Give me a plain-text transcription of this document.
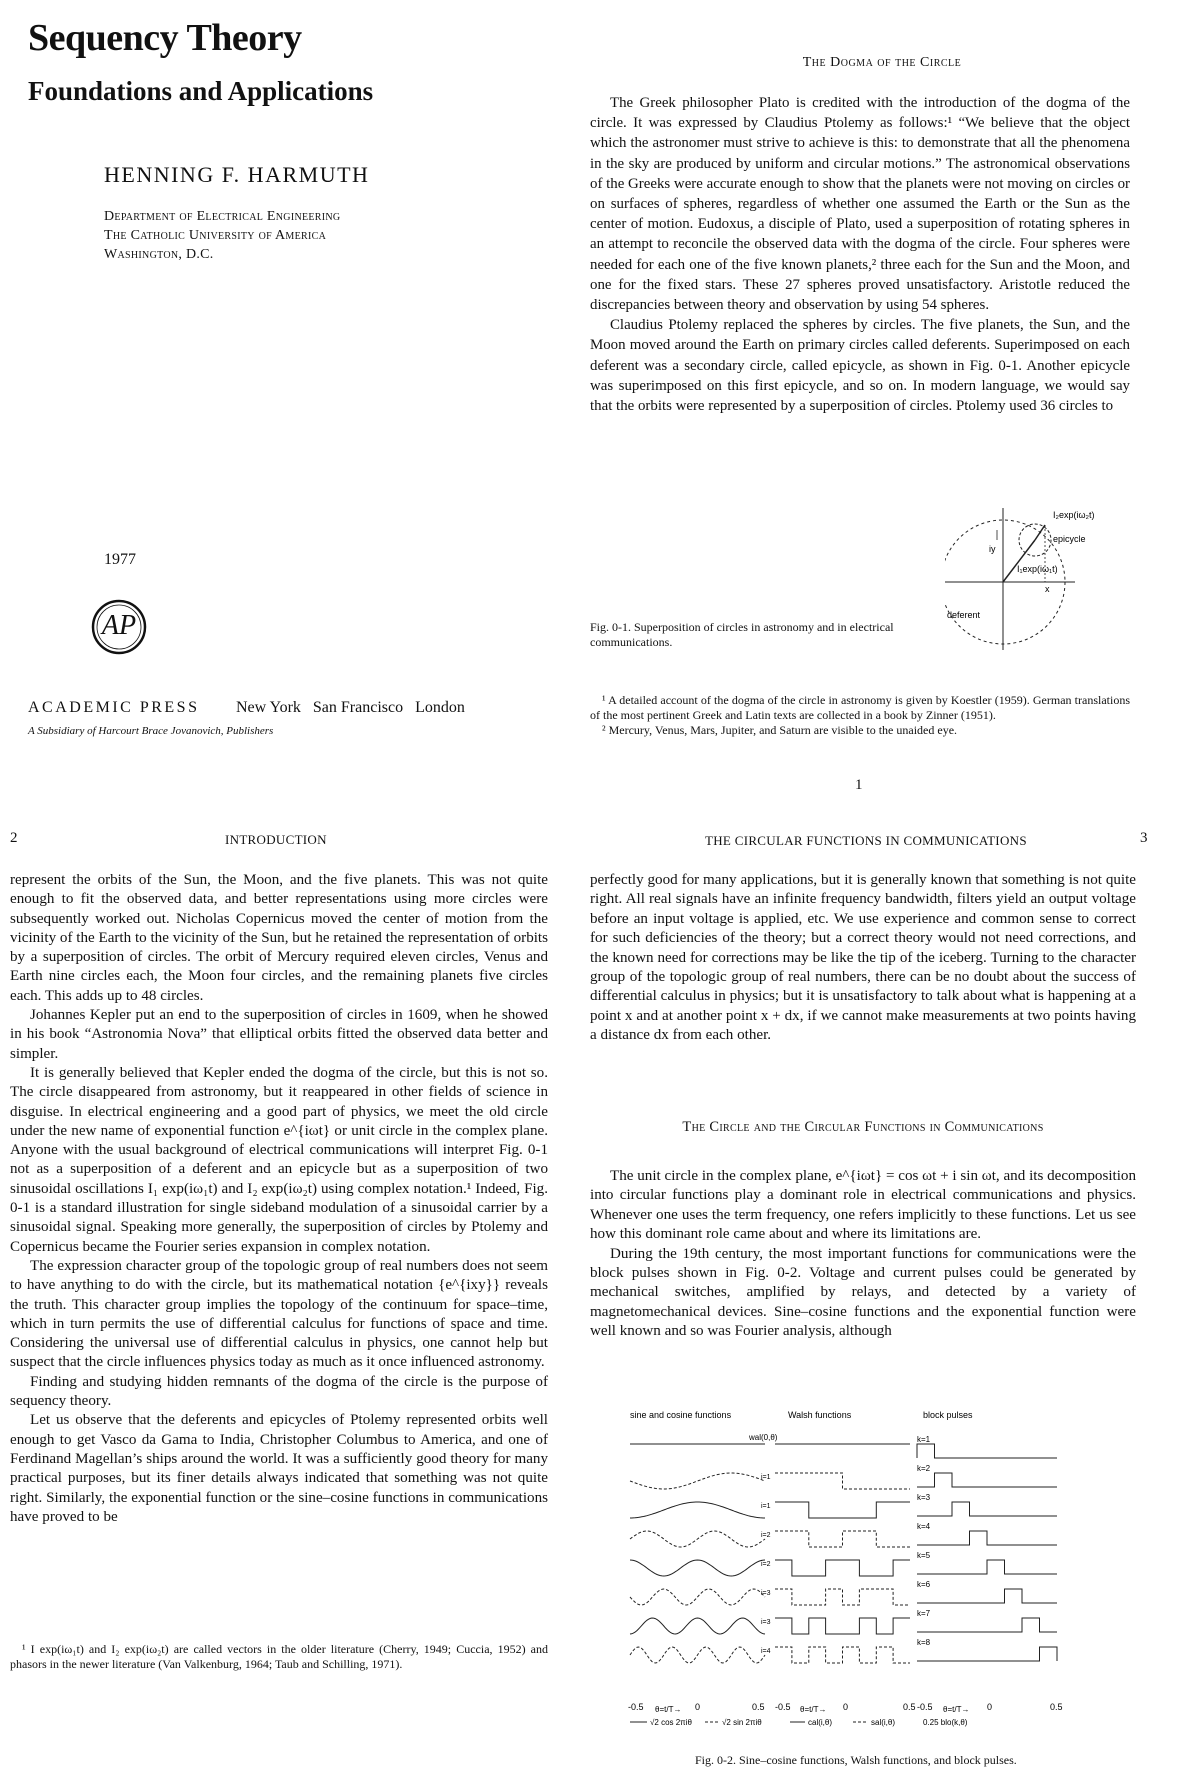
Sequency Theory
Foundations and Applications
HENNING F. HARMUTH
Department of Electrical Engineering
The Catholic University of America
Washington, D.C.
1977
AP
ACADEMIC PRESS New York   San Francisco   London
A Subsidiary of Harcourt Brace Jovanovich, Publishers
The Dogma of the Circle

The Greek philosopher Plato is credited with the introduction of the dogma of the circle. It was expressed by Claudius Ptolemy as follows:¹ “We believe that the object which the astronomer must strive to achieve is this: to demonstrate that all the phenomena in the sky are produced by uniform and circular motions.” The astronomical observations of the Greeks were accurate enough to show that the planets were not moving on circles or on surfaces of spheres, regardless of whether one assumed the Earth or the Sun as the center of motion. Eudoxus, a disciple of Plato, used a superposition of rotating spheres in an attempt to reconcile the observed data with the dogma of the circle. Four spheres were needed for each one of the five known planets,² three each for the Sun and the Moon, and one for the fixed stars. These 27 spheres proved unsatisfactory. Aristotle reduced the discrepancies between theory and observation by using 54 spheres.

Claudius Ptolemy replaced the spheres by circles. The five planets, the Sun, and the Moon moved around the Earth on primary circles called deferents. Superimposed on each deferent was a secondary circle, called epicycle, as shown in Fig. 0-1. Another epicycle was superimposed on this first epicycle, and so on. In modern language, we would say that the orbits were represented by a superposition of circles. Ptolemy used 36 circles to

I₂exp(iω₂t)
epicycle
I₁exp(iω₁t)
iy
x
deferent
Fig. 0-1. Superposition of circles in astronomy and in electrical communications.

¹ A detailed account of the dogma of the circle in astronomy is given by Koestler (1959). German translations of the most pertinent Greek and Latin texts are collected in a book by Zinner (1951).

² Mercury, Venus, Mars, Jupiter, and Saturn are visible to the unaided eye.

1
2	INTRODUCTION

represent the orbits of the Sun, the Moon, and the five planets. This was not quite enough to fit the observed data, and better representations using more circles were subsequently worked out. Nicholas Copernicus moved the center of motion from the vicinity of the Earth to the vicinity of the Sun, but he retained the representation of orbits by a superposition of circles. The orbit of Mercury required eleven circles, Venus and Earth nine circles each, the Moon four circles, and the remaining planets five circles each. This adds up to 48 circles.

Johannes Kepler put an end to the superposition of circles in 1609, when he showed in his book “Astronomia Nova” that elliptical orbits fitted the observed data better and simpler.

It is generally believed that Kepler ended the dogma of the circle, but this is not so. The circle disappeared from astronomy, but it reappeared in other fields of science in disguise. In electrical engineering and a good part of physics, we meet the old circle under the new name of exponential function e^{iωt} or unit circle in the complex plane. Anyone with the usual background of electrical communications will interpret Fig. 0-1 not as a superposition of a deferent and an epicycle but as a superposition of two sinusoidal oscillations I₁ exp(iω₁t) and I₂ exp(iω₂t) using complex notation.¹ Indeed, Fig. 0-1 is a standard illustration for single sideband modulation of a sinusoidal carrier by a sinusoidal signal. Speaking more generally, the superposition of circles by Ptolemy and Copernicus became the Fourier series expansion in complex notation.

The expression character group of the topologic group of real numbers does not seem to have anything to do with the circle, but its mathematical notation {e^{ixy}} reveals the truth. This character group implies the topology of the continuum for space–time, which in turn permits the use of differential calculus for functions of space and time. Considering the universal use of differential calculus in physics, one cannot help but suspect that the circle influences physics today as much as it once influenced astronomy.

Finding and studying hidden remnants of the dogma of the circle is the purpose of sequency theory.

Let us observe that the deferents and epicycles of Ptolemy represented orbits well enough to get Vasco da Gama to India, Christopher Columbus to America, and one of Ferdinand Magellan’s ships around the world. It was a sufficiently good theory for many practical purposes, but its finer details always indicated that something was not quite right. Similarly, the exponential function or the sine–cosine functions in communications have proved to be

¹ I exp(iω₁t) and I₂ exp(iω₂t) are called vectors in the older literature (Cherry, 1949; Cuccia, 1952) and phasors in the newer literature (Van Valkenburg, 1964; Taub and Schilling, 1971).

THE CIRCULAR FUNCTIONS IN COMMUNICATIONS	3

perfectly good for many applications, but it is generally known that something is not quite right. All real signals have an infinite frequency bandwidth, filters yield an output voltage before an input voltage is applied, etc. We use experience and common sense to correct for such deficiencies of the theory; but a correct theory would not need corrections, and the known need for corrections may be like the tip of the iceberg. Turning to the character group of the topologic group of real numbers, there can be no doubt about the success of differential calculus in physics; but it is unsatisfactory to talk about what is happening at a point x and at another point x + dx, if we cannot make measurements at two points having a distance dx from each other.

The Circle and the Circular Functions in Communications

The unit circle in the complex plane, e^{iωt} = cos ωt + i sin ωt, and its decomposition into circular functions play a dominant role in electrical communications and physics. Whenever one uses the term frequency, one refers implicitly to these functions. Let us see how this dominant role came about and where its limitations are.

During the 19th century, the most important functions for communications were the block pulses shown in Fig. 0-2. Voltage and current pulses could be generated by mechanical switches, amplified by relays, and detected by a variety of magnetomechanical devices. Sine–cosine functions and the exponential function were well known and so was Fourier analysis, although

sine and cosine functions	Walsh functions	block pulses
wal(0,θ)
i=1
i=1
i=2
i=2
i=3
i=3
i=4
k=1
k=2
k=3
k=4
k=5
k=6
k=7
k=8
-0.5	0	0.5
θ=t/T→	-0.5	0	0.5
θ=t/T→	-0.5	0	0.5
θ=t/T→
√2 cos 2πiθ	√2 sin 2πiθ	cal(i,θ)	sal(i,θ)	0.25 blo(k,θ)
Fig. 0-2. Sine–cosine functions, Walsh functions, and block pulses.
